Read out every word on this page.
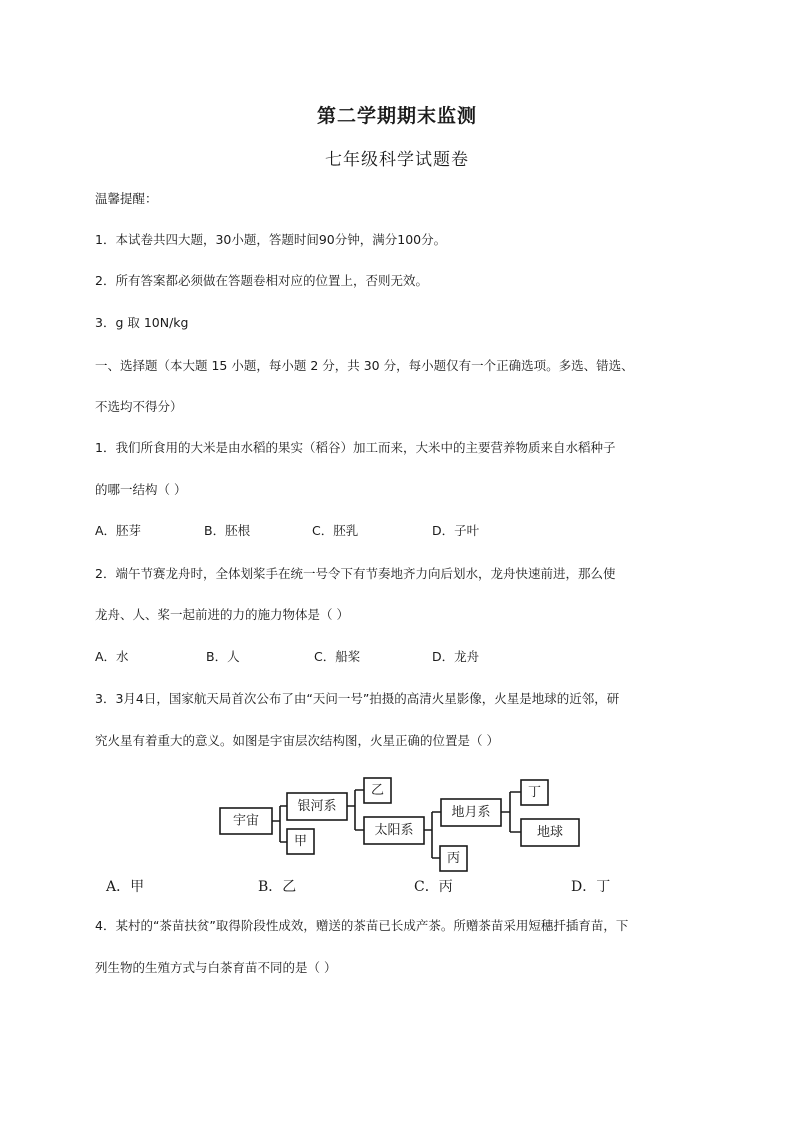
第二学期期末监测
七年级科学试题卷
温馨提醒：
1．本试卷共四大题，30小题，答题时间90分钟，满分100分。
2．所有答案都必须做在答题卷相对应的位置上，否则无效。
3．g 取 10N/kg
一、选择题（本大题 15 小题，每小题 2 分，共 30 分，每小题仅有一个正确选项。多选、错选、
不选均不得分）
1．我们所食用的大米是由水稻的果实（稻谷）加工而来，大米中的主要营养物质来自水稻种子
的哪一结构（ ）
A．胚芽	B．胚根	C．胚乳	D．子叶
2．端午节赛龙舟时，全体划桨手在统一号令下有节奏地齐力向后划水，龙舟快速前进，那么使
龙舟、人、桨一起前进的力的施力物体是（ ）
A．水	B．人	C．船桨	D．龙舟
3．3月4日，国家航天局首次公布了由“天问一号”拍摄的高清火星影像，火星是地球的近邻，研
究火星有着重大的意义。如图是宇宙层次结构图，火星正确的位置是（ ）
宇宙
银河系
甲
乙
太阳系
丙
地月系
丁
地球
A．甲	B．乙	C．丙	D．丁
4．某村的“茶苗扶贫”取得阶段性成效，赠送的茶苗已长成产茶。所赠茶苗采用短穗扦插育苗，下
列生物的生殖方式与白茶育苗不同的是（ ）
